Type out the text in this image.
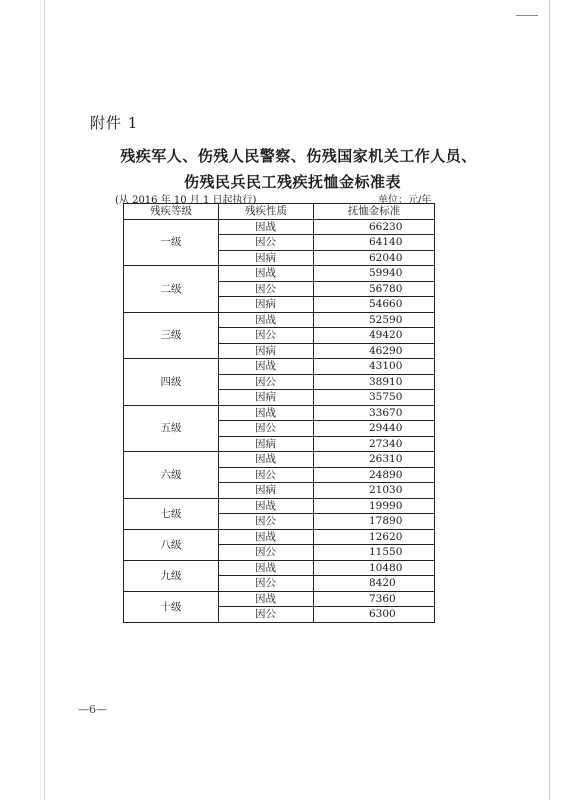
附件 1
残疾军人、伤残人民警察、伤残国家机关工作人员、
伤残民兵民工残疾抚恤金标准表
(从 2016 年 10 月 1 日起执行)	单位：元/年
残疾等级	残疾性质	抚恤金标准
一级	因战	66230
	因公	64140
	因病	62040
二级	因战	59940
	因公	56780
	因病	54660
三级	因战	52590
	因公	49420
	因病	46290
四级	因战	43100
	因公	38910
	因病	35750
五级	因战	33670
	因公	29440
	因病	27340
六级	因战	26310
	因公	24890
	因病	21030
七级	因战	19990
	因公	17890
八级	因战	12620
	因公	11550
九级	因战	10480
	因公	8420
十级	因战	7360
	因公	6300
—6—
